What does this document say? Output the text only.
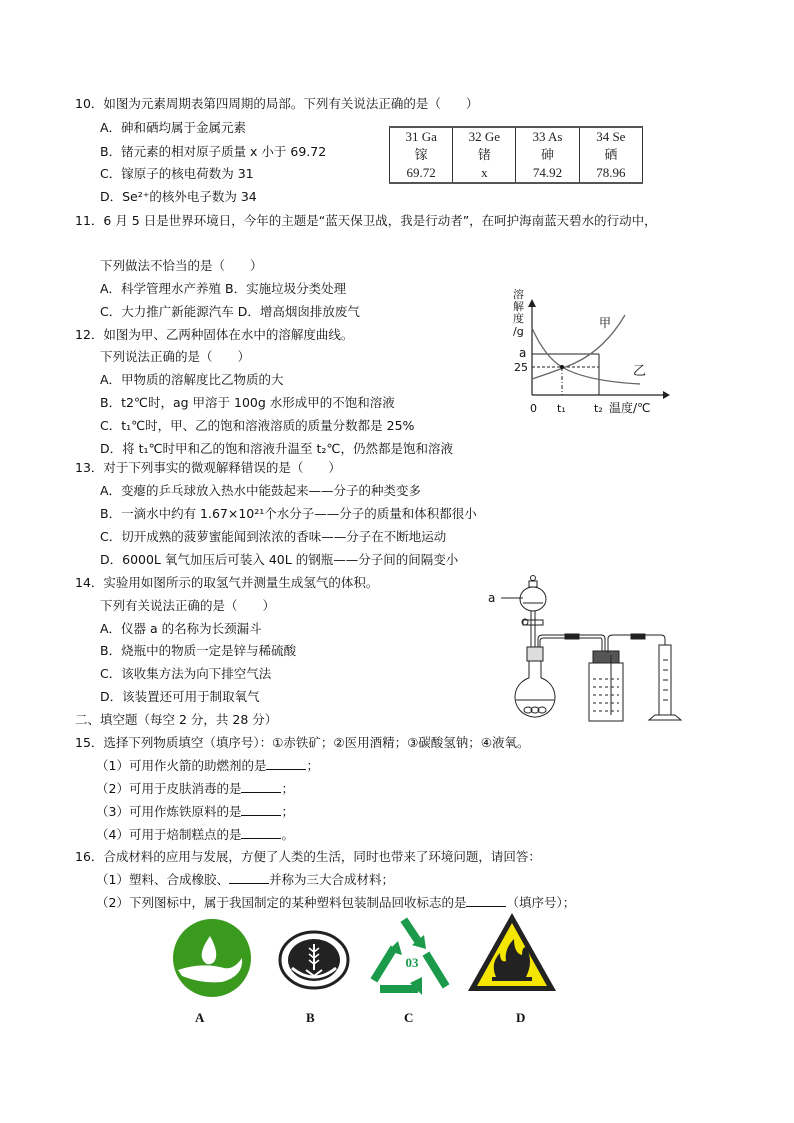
10．如图为元素周期表第四周期的局部。下列有关说法正确的是（　　）
A．砷和硒均属于金属元素
B．锗元素的相对原子质量 x 小于 69.72
C．镓原子的核电荷数为 31
D．Se²⁺的核外电子数为 34
31 Ga	32 Ge	33 As	34 Se
镓	锗	砷	硒
69.72	x	74.92	78.96
11．6 月 5 日是世界环境日，今年的主题是“蓝天保卫战，我是行动者”，在呵护海南蓝天碧水的行动中，
下列做法不恰当的是（　　）
A．科学管理水产养殖 B．实施垃圾分类处理
C．大力推广新能源汽车 D．增高烟囱排放废气
12．如图为甲、乙两种固体在水中的溶解度曲线。
下列说法正确的是（　　）
A．甲物质的溶解度比乙物质的大
B．t2℃时，ag 甲溶于 100g 水形成甲的不饱和溶液
C．t₁℃时，甲、乙的饱和溶液溶质的质量分数都是 25%
D．将 t₁℃时甲和乙的饱和溶液升温至 t₂℃，仍然都是饱和溶液
溶
解
度
/g
a
25
甲
乙
0 t₁	t₂ 温度/℃
13．对于下列事实的微观解释错误的是（　　）
A．变瘪的乒乓球放入热水中能鼓起来——分子的种类变多
B．一滴水中约有 1.67×10²¹个水分子——分子的质量和体积都很小
C．切开成熟的菠萝蜜能闻到浓浓的香味——分子在不断地运动
D．6000L 氧气加压后可装入 40L 的钢瓶——分子间的间隔变小
14．实验用如图所示的取氢气并测量生成氢气的体积。
下列有关说法正确的是（　　）
A．仪器 a 的名称为长颈漏斗
B．烧瓶中的物质一定是锌与稀硫酸
C．该收集方法为向下排空气法
D．该装置还可用于制取氧气
a
二、填空题（每空 2 分，共 28 分）
15．选择下列物质填空（填序号）：①赤铁矿；②医用酒精；③碳酸氢钠；④液氧。
（1）可用作火箭的助燃剂的是	；
（2）可用于皮肤消毒的是	；
（3）可用作炼铁原料的是	；
（4）可用于焙制糕点的是	。
16．合成材料的应用与发展，方便了人类的生活，同时也带来了环境问题，请回答：
（1）塑料、合成橡胶、	并称为三大合成材料；
（2）下列图标中，属于我国制定的某种塑料包装制品回收标志的是	（填序号）；
A	B
03
C	D
